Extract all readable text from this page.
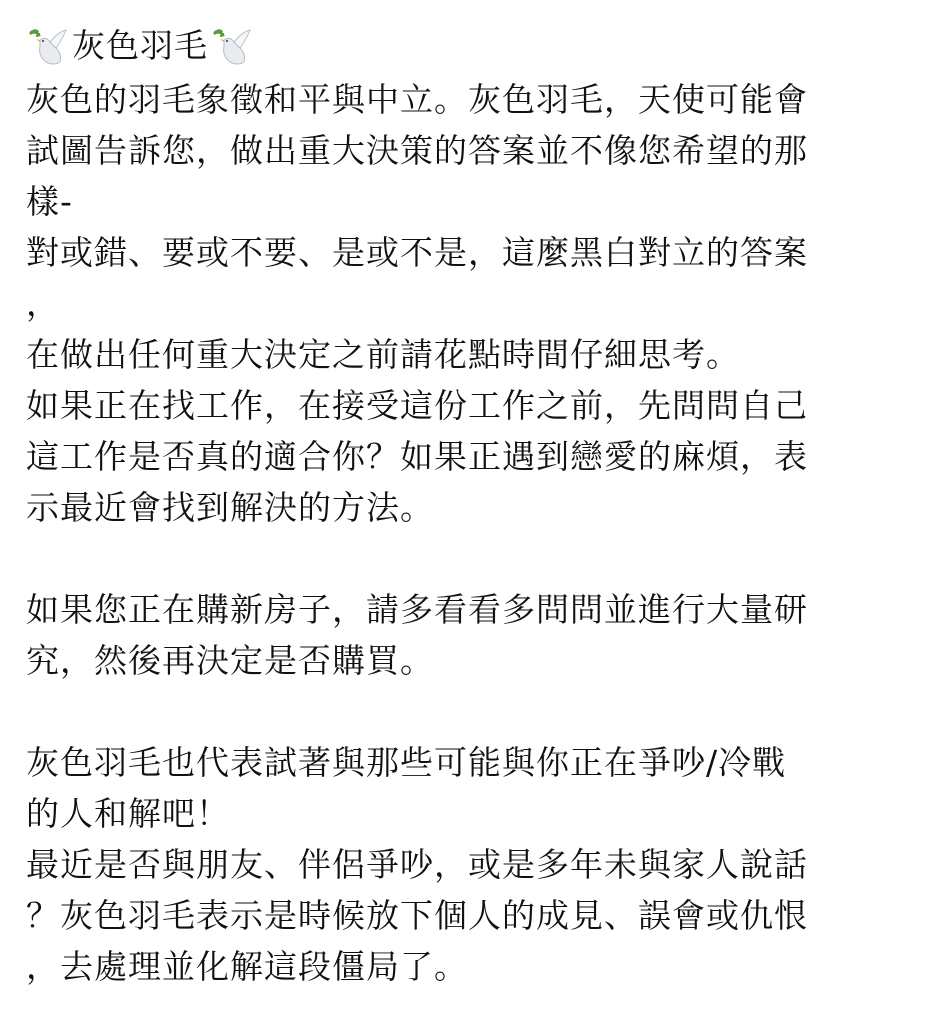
灰色羽毛
灰色的羽毛象徵和平與中立。灰色羽毛，天使可能會
試圖告訴您，做出重大決策的答案並不像您希望的那
樣-
對或錯、要或不要、是或不是，這麼黑白對立的答案
，
在做出任何重大決定之前請花點時間仔細思考。
如果正在找工作，在接受這份工作之前，先問問自己
這工作是否真的適合你？如果正遇到戀愛的麻煩，表
示最近會找到解決的方法。
如果您正在購新房子，請多看看多問問並進行大量研
究，然後再決定是否購買。
灰色羽毛也代表試著與那些可能與你正在爭吵/冷戰
的人和解吧！
最近是否與朋友、伴侶爭吵，或是多年未與家人說話
？灰色羽毛表示是時候放下個人的成見、誤會或仇恨
，去處理並化解這段僵局了。
